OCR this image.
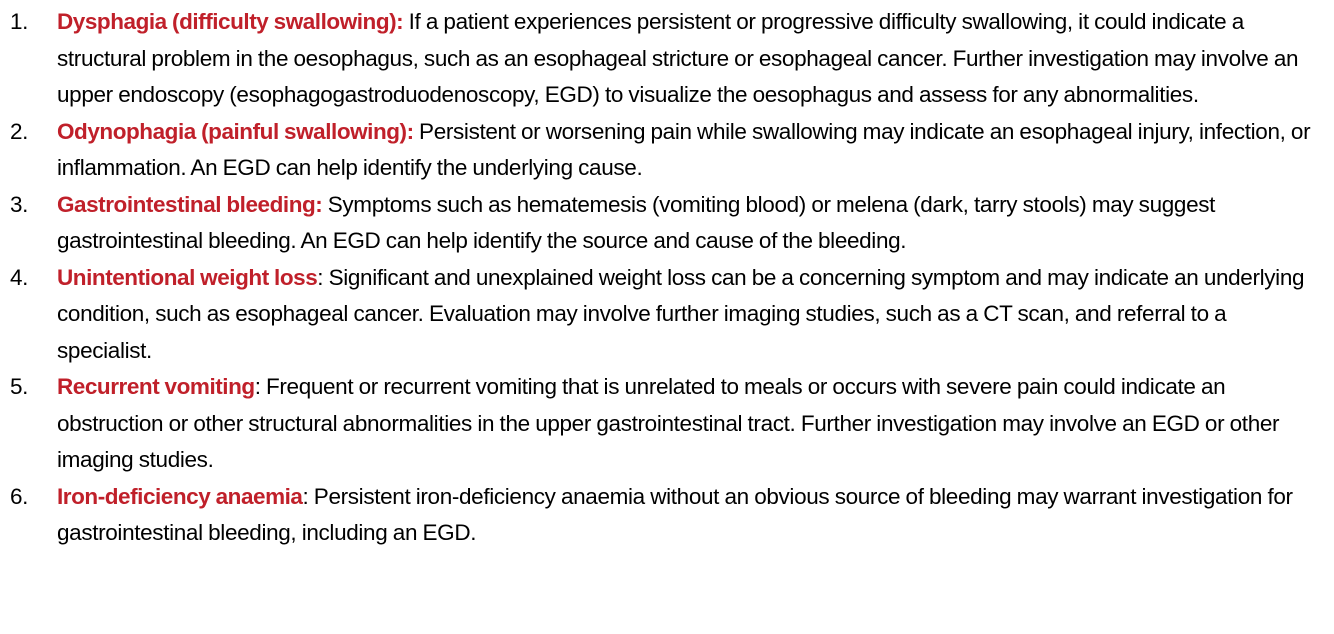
1. Dysphagia (difficulty swallowing): If a patient experiences persistent or progressive difficulty swallowing, it could indicate a structural problem in the oesophagus, such as an esophageal stricture or esophageal cancer. Further investigation may involve an upper endoscopy (esophagogastroduodenoscopy, EGD) to visualize the oesophagus and assess for any abnormalities.
2. Odynophagia (painful swallowing): Persistent or worsening pain while swallowing may indicate an esophageal injury, infection, or inflammation. An EGD can help identify the underlying cause.
3. Gastrointestinal bleeding: Symptoms such as hematemesis (vomiting blood) or melena (dark, tarry stools) may suggest gastrointestinal bleeding. An EGD can help identify the source and cause of the bleeding.
4. Unintentional weight loss: Significant and unexplained weight loss can be a concerning symptom and may indicate an underlying condition, such as esophageal cancer. Evaluation may involve further imaging studies, such as a CT scan, and referral to a specialist.
5. Recurrent vomiting: Frequent or recurrent vomiting that is unrelated to meals or occurs with severe pain could indicate an obstruction or other structural abnormalities in the upper gastrointestinal tract. Further investigation may involve an EGD or other imaging studies.
6. Iron-deficiency anaemia: Persistent iron-deficiency anaemia without an obvious source of bleeding may warrant investigation for gastrointestinal bleeding, including an EGD.
